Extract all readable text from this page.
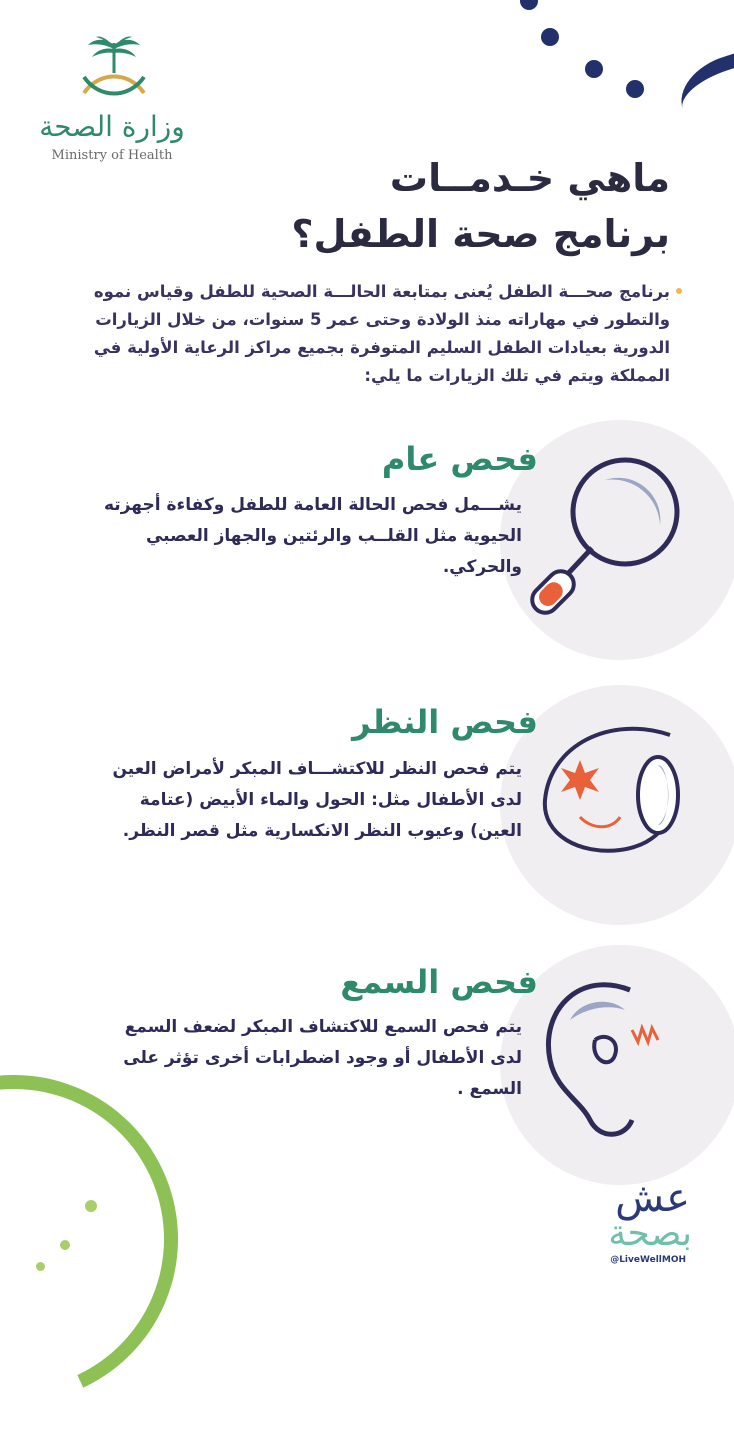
وزارة الصحة
Ministry of Health
ماهي خـدمــات
برنامج صحة الطفل؟
برنامج صحـــة الطفل يُعنى بمتابعة الحالـــة الصحية للطفل وقياس نموه والتطور في مهاراته منذ الولادة وحتى عمر 5 سنوات، من خلال الزيارات الدورية بعيادات الطفل السليم المتوفرة بجميع مراكز الرعاية الأولية في المملكة ويتم في تلك الزيارات ما يلي:
فحص عام
يشـــمل فحص الحالة العامة للطفل وكفاءة أجهزته الحيوية مثل القلــب والرئتين والجهاز العصبي والحركي.
فحص النظر
يتم فحص النظر للاكتشـــاف المبكر لأمراض العين لدى الأطفال مثل: الحول والماء الأبيض (عتامة العين) وعيوب النظر الانكسارية مثل قصر النظر.
فحص السمع
يتم فحص السمع للاكتشاف المبكر لضعف السمع لدى الأطفال أو وجود اضطرابات أخرى تؤثر على السمع .
عش
بصحة
@LiveWellMOH
